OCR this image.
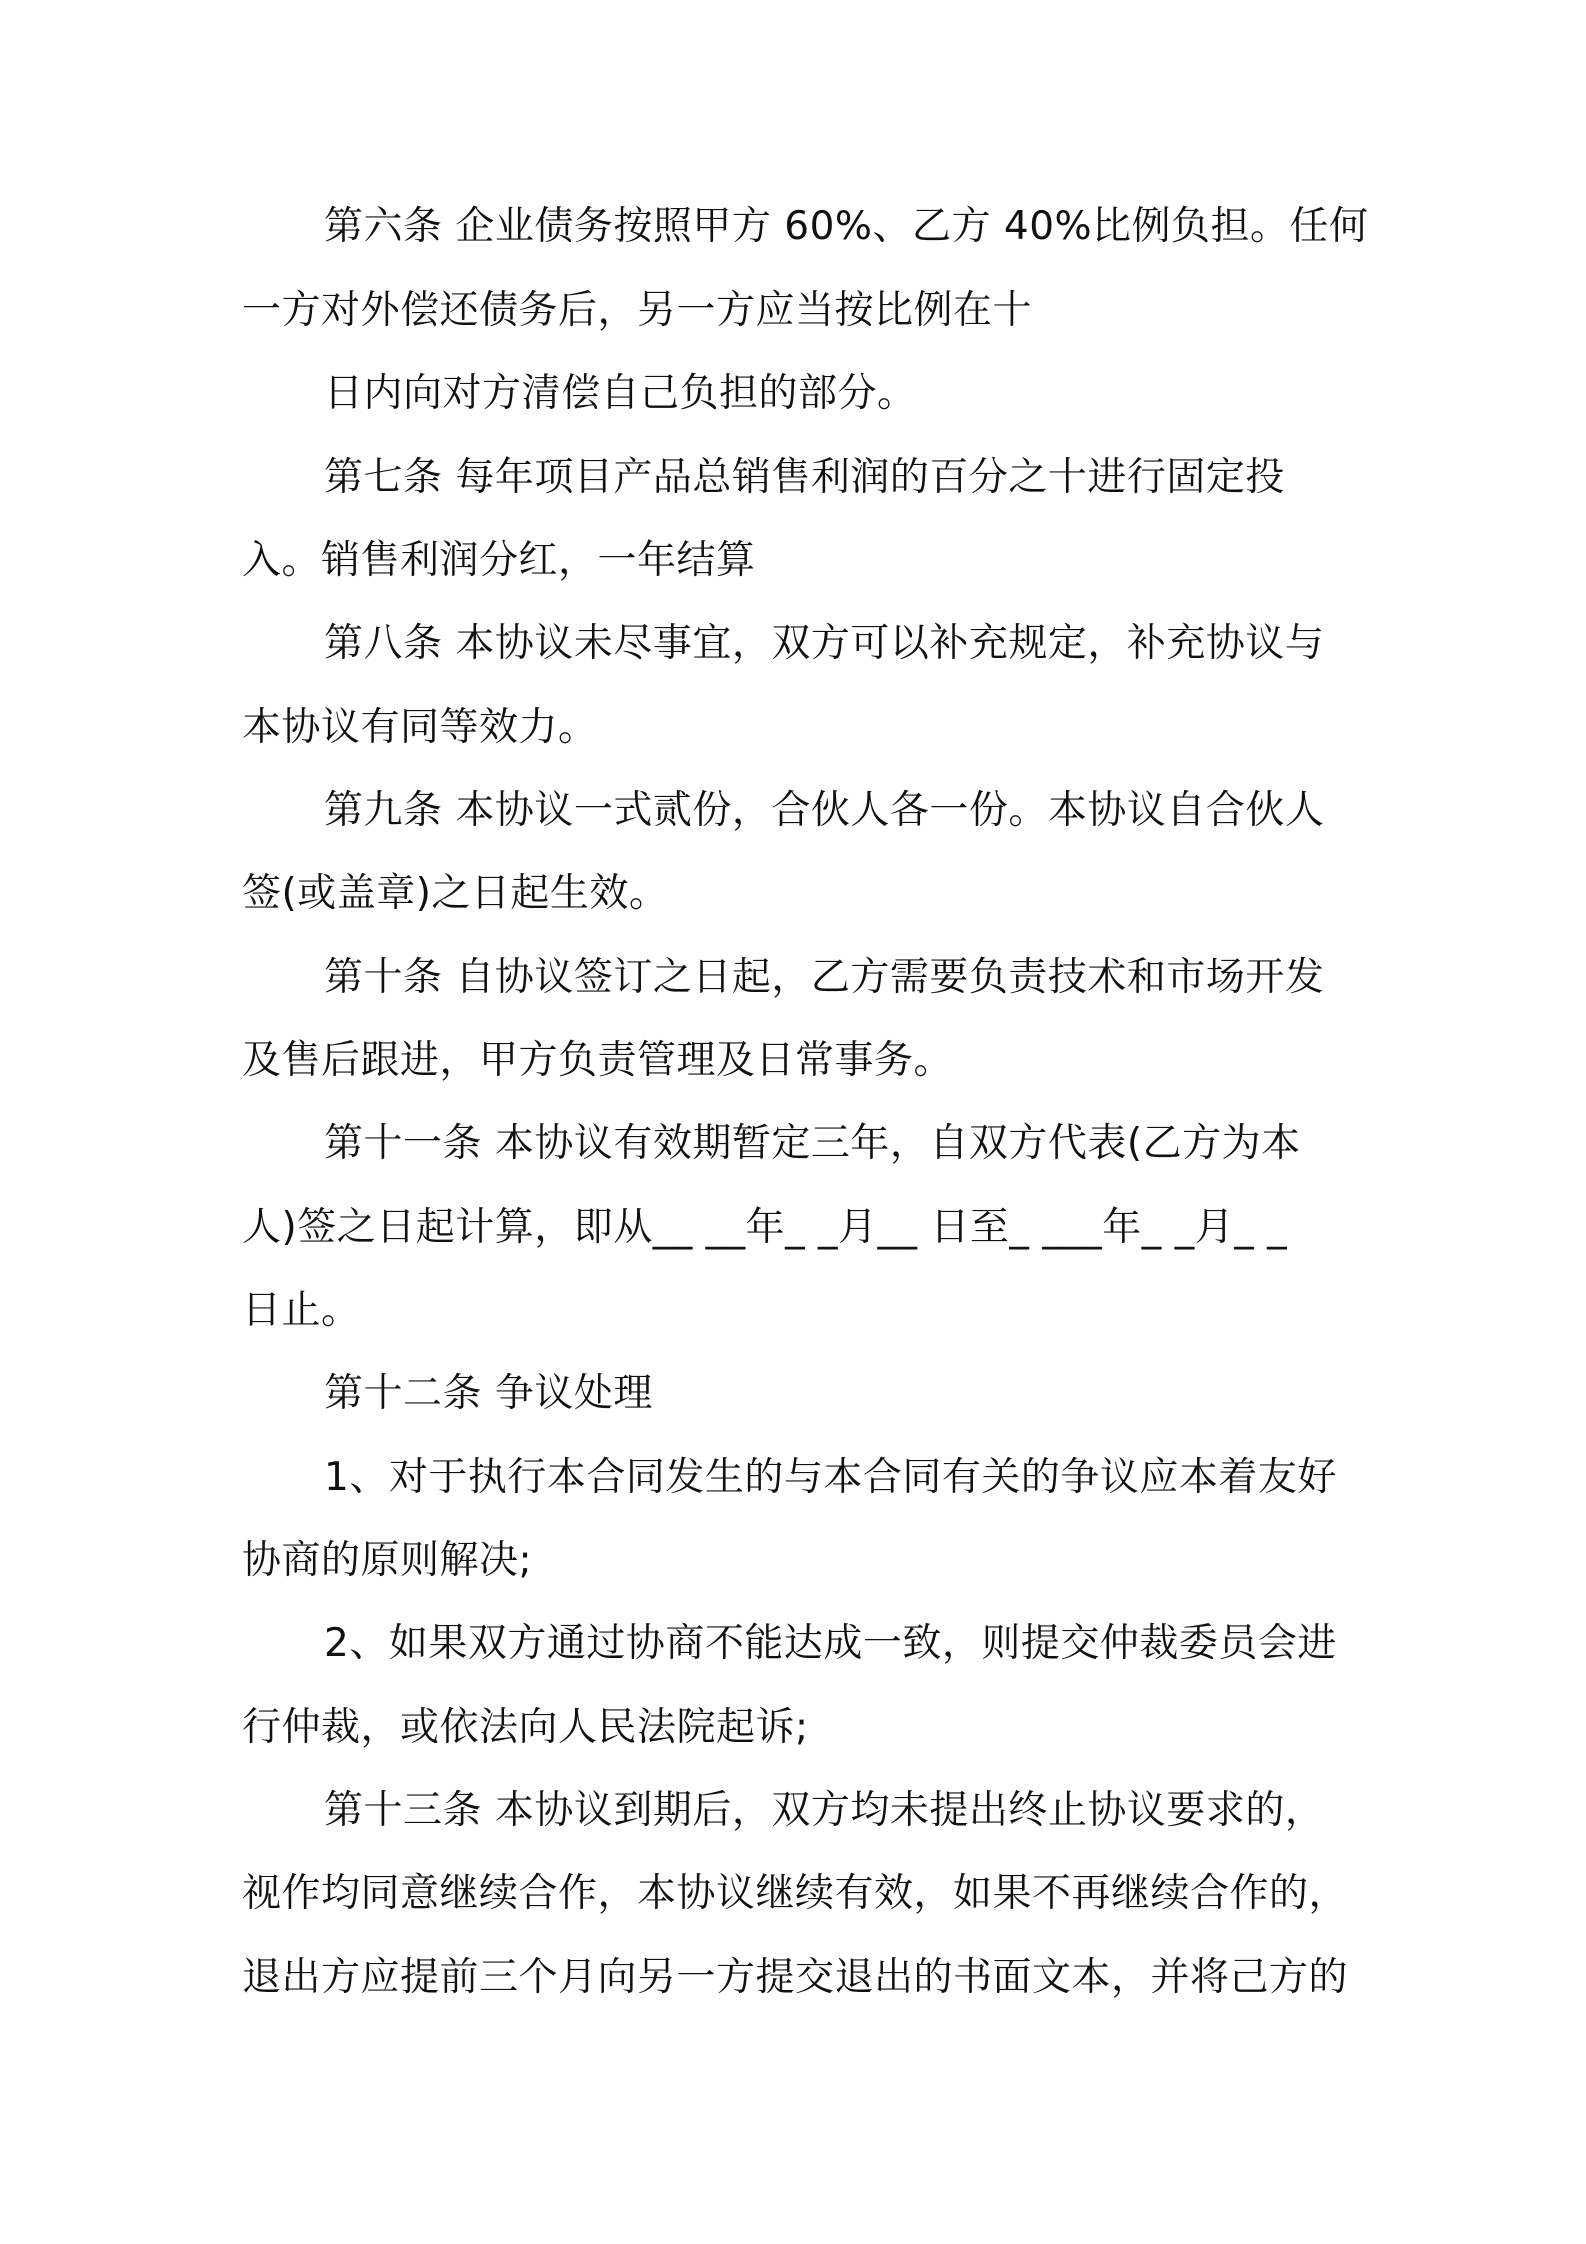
第六条 企业债务按照甲方 60%、乙方 40%比例负担。任何
一方对外偿还债务后，另一方应当按比例在十
日内向对方清偿自己负担的部分。
第七条 每年项目产品总销售利润的百分之十进行固定投
入。销售利润分红，一年结算
第八条 本协议未尽事宜，双方可以补充规定，补充协议与
本协议有同等效力。
第九条 本协议一式贰份，合伙人各一份。本协议自合伙人
签(或盖章)之日起生效。
第十条 自协议签订之日起，乙方需要负责技术和市场开发
及售后跟进，甲方负责管理及日常事务。
第十一条 本协议有效期暂定三年，自双方代表(乙方为本
人)签之日起计算，即从__ __年_ _月__ 日至_ ___年_ _月_ _
日止。
第十二条 争议处理
1、对于执行本合同发生的与本合同有关的争议应本着友好
协商的原则解决;
2、如果双方通过协商不能达成一致，则提交仲裁委员会进
行仲裁，或依法向人民法院起诉;
第十三条 本协议到期后，双方均未提出终止协议要求的，
视作均同意继续合作，本协议继续有效，如果不再继续合作的，
退出方应提前三个月向另一方提交退出的书面文本，并将己方的
